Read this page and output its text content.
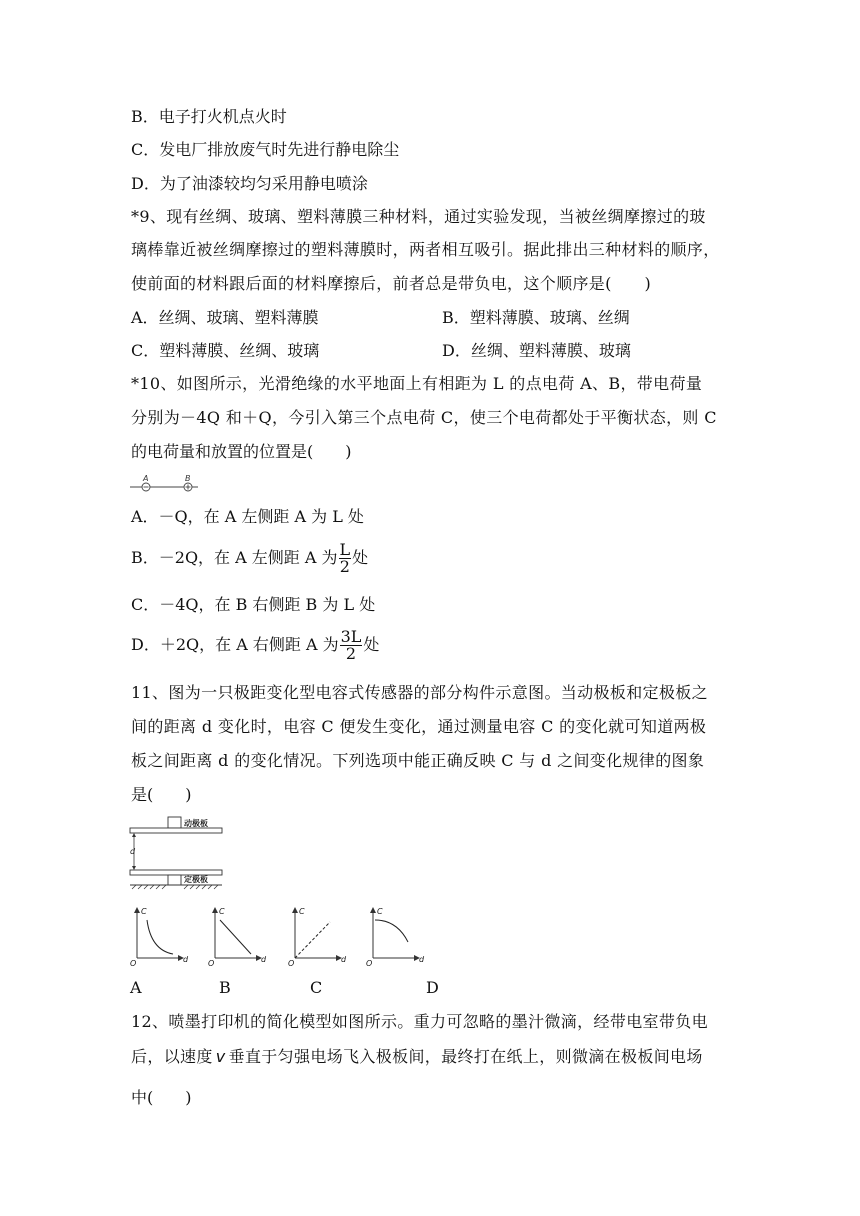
B．电子打火机点火时
C．发电厂排放废气时先进行静电除尘
D．为了油漆较均匀采用静电喷涂
*9、现有丝绸、玻璃、塑料薄膜三种材料，通过实验发现，当被丝绸摩擦过的玻
璃棒靠近被丝绸摩擦过的塑料薄膜时，两者相互吸引。据此排出三种材料的顺序，
使前面的材料跟后面的材料摩擦后，前者总是带负电，这个顺序是(　　)
A．丝绸、玻璃、塑料薄膜	B．塑料薄膜、玻璃、丝绸
C．塑料薄膜、丝绸、玻璃	D．丝绸、塑料薄膜、玻璃
*10、如图所示，光滑绝缘的水平地面上有相距为 L 的点电荷 A、B，带电荷量
分别为－4Q 和＋Q，今引入第三个点电荷 C，使三个电荷都处于平衡状态，则 C
的电荷量和放置的位置是(　　)
A	B
A．－Q，在 A 左侧距 A 为 L 处
B．－2Q，在 A 左侧距 A 为 $\frac{L}{2}$ 处
C．－4Q，在 B 右侧距 B 为 L 处
D．＋2Q，在 A 右侧距 A 为 $\frac{3L}{2}$ 处
11、图为一只极距变化型电容式传感器的部分构件示意图。当动极板和定极板之
间的距离 d 变化时，电容 C 便发生变化，通过测量电容 C 的变化就可知道两极
板之间距离 d 的变化情况。下列选项中能正确反映 C 与 d 之间变化规律的图象
是(　　)
动极板
d
定极板
C
d
O
C
d
O
C
d
O
C
d
O
A	B	C	D
12、喷墨打印机的简化模型如图所示。重力可忽略的墨汁微滴，经带电室带负电
后，以速度 v 垂直于匀强电场飞入极板间，最终打在纸上，则微滴在极板间电场
中(　　)
